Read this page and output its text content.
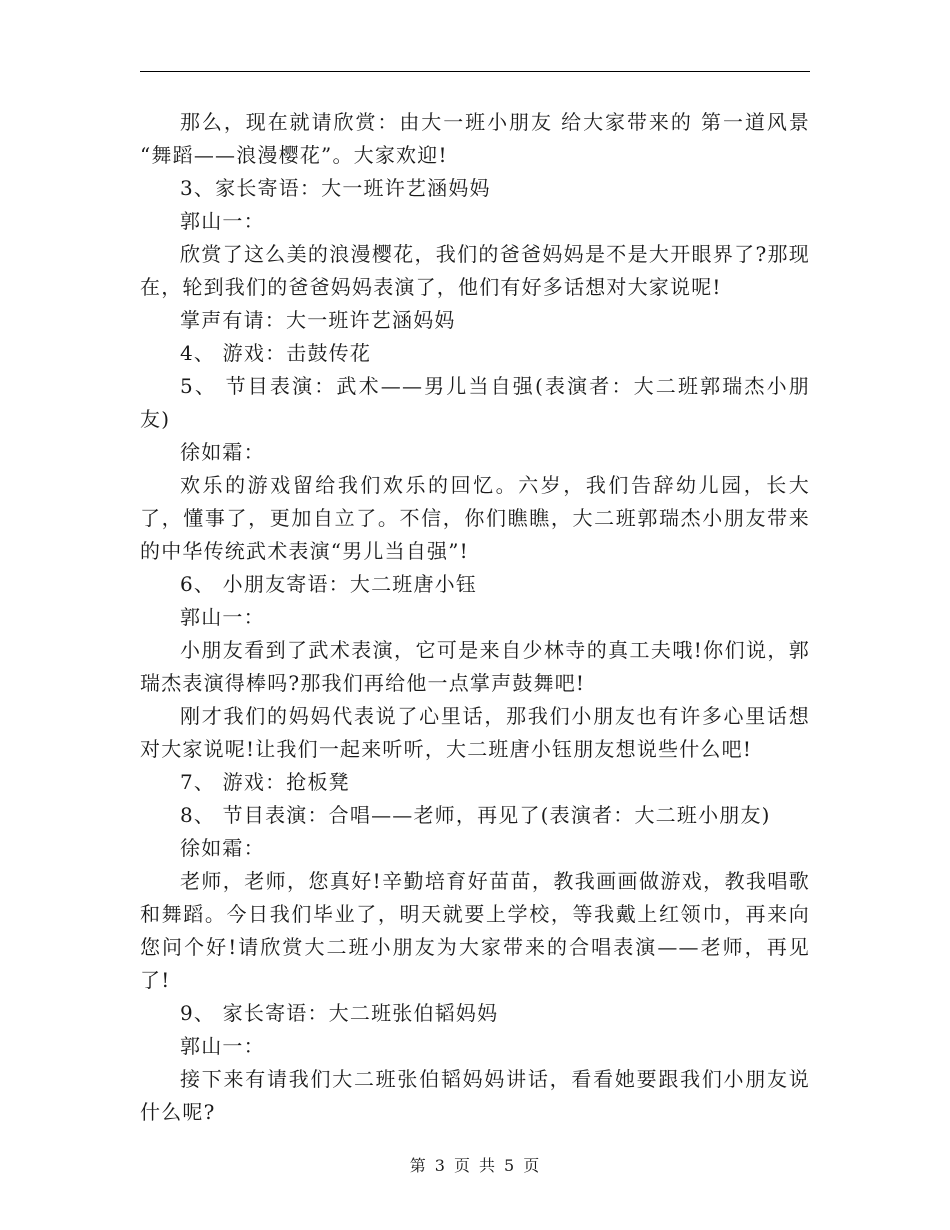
那么，现在就请欣赏：由大一班小朋友 给大家带来的 第一道风景 “舞蹈——浪漫樱花”。大家欢迎!

3、家长寄语：大一班许艺涵妈妈

郭山一：

欣赏了这么美的浪漫樱花，我们的爸爸妈妈是不是大开眼界了?那现在，轮到我们的爸爸妈妈表演了，他们有好多话想对大家说呢!

掌声有请：大一班许艺涵妈妈

4、 游戏：击鼓传花

5、 节目表演：武术——男儿当自强(表演者：大二班郭瑞杰小朋友)

徐如霜：

欢乐的游戏留给我们欢乐的回忆。六岁，我们告辞幼儿园，长大了，懂事了，更加自立了。不信，你们瞧瞧，大二班郭瑞杰小朋友带来的中华传统武术表演“男儿当自强”!

6、 小朋友寄语：大二班唐小钰

郭山一：

小朋友看到了武术表演，它可是来自少林寺的真工夫哦!你们说，郭瑞杰表演得棒吗?那我们再给他一点掌声鼓舞吧!

刚才我们的妈妈代表说了心里话，那我们小朋友也有许多心里话想对大家说呢!让我们一起来听听，大二班唐小钰朋友想说些什么吧!

7、 游戏：抢板凳

8、 节目表演：合唱——老师，再见了(表演者：大二班小朋友)

徐如霜：

老师，老师，您真好!辛勤培育好苗苗，教我画画做游戏，教我唱歌和舞蹈。今日我们毕业了，明天就要上学校，等我戴上红领巾，再来向您问个好!请欣赏大二班小朋友为大家带来的合唱表演——老师，再见了!

9、 家长寄语：大二班张伯韬妈妈

郭山一：

接下来有请我们大二班张伯韬妈妈讲话，看看她要跟我们小朋友说什么呢?

第 3 页 共 5 页
